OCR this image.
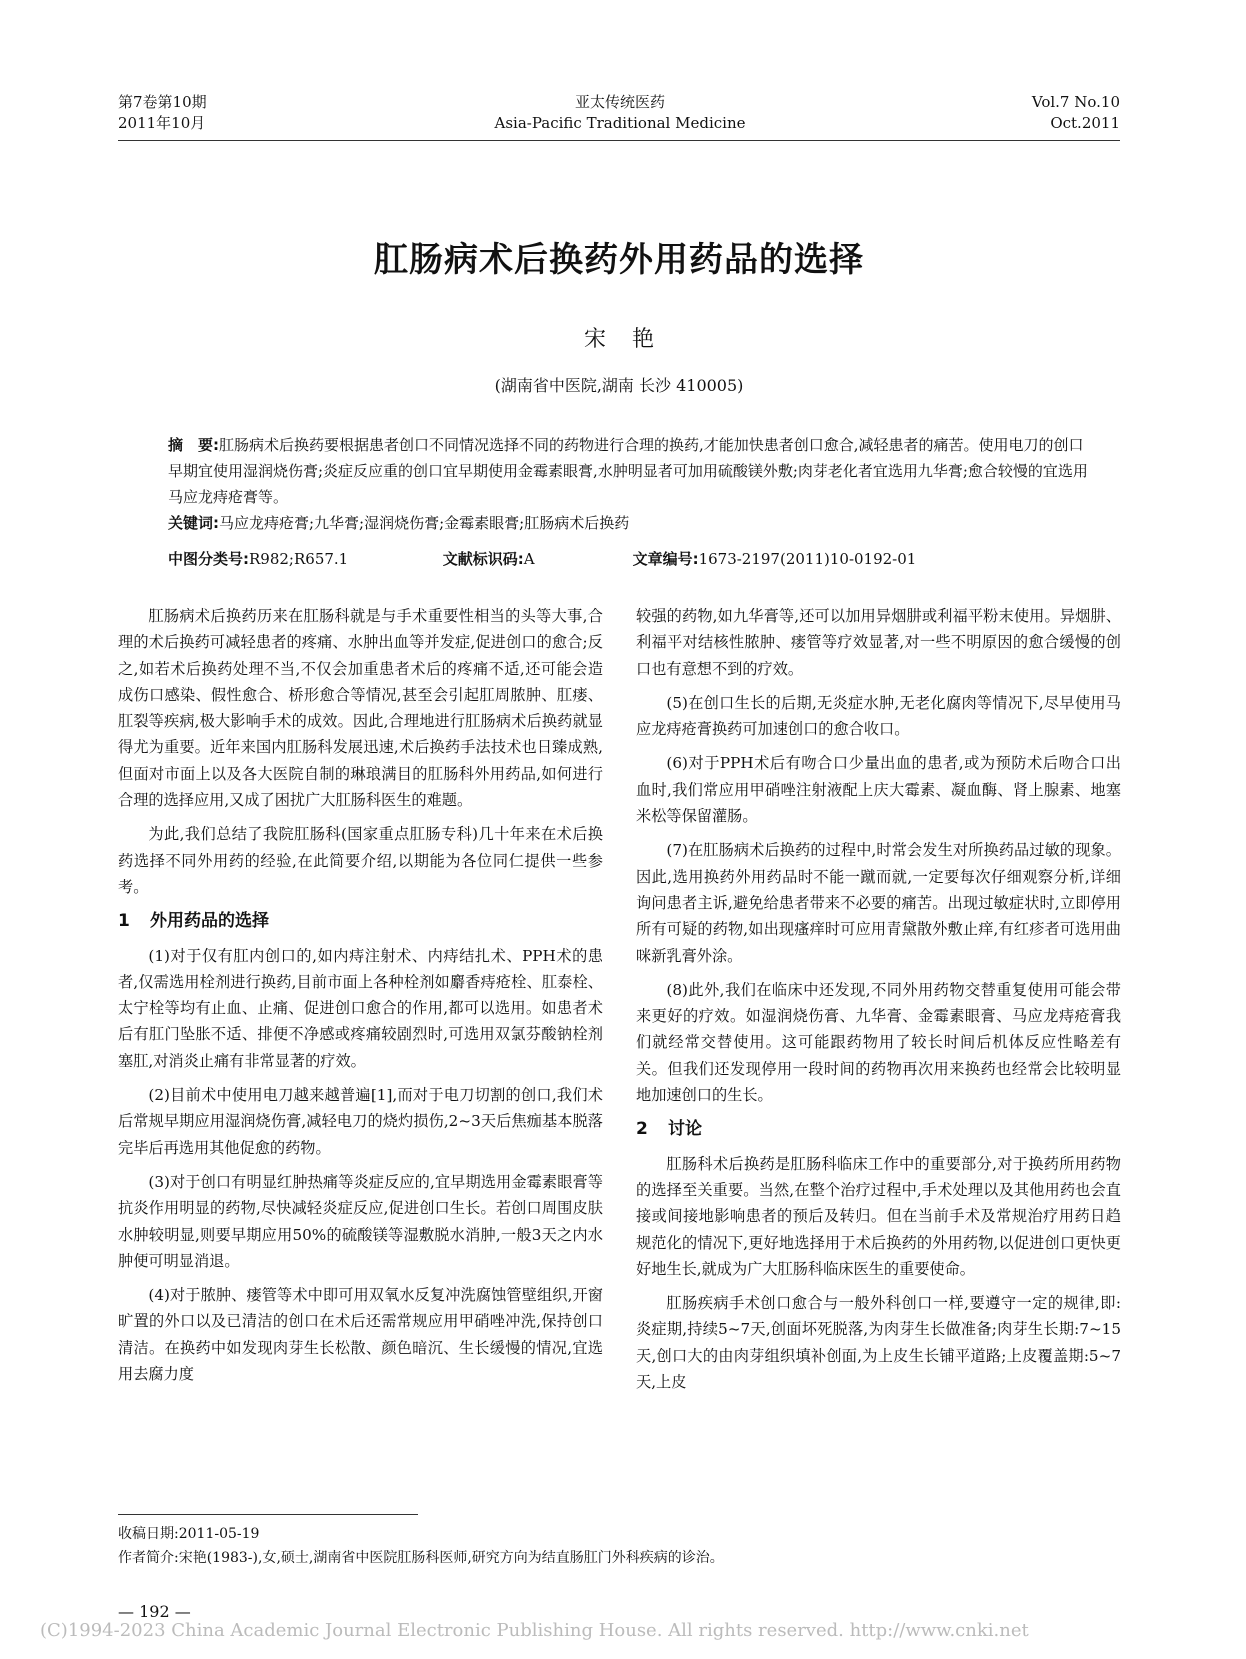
第7卷第10期
2011年10月
亚太传统医药
Asia-Pacific Traditional Medicine
Vol.7 No.10
Oct.2011
肛肠病术后换药外用药品的选择
宋艳
(湖南省中医院,湖南 长沙 410005)
摘　要:肛肠病术后换药要根据患者创口不同情况选择不同的药物进行合理的换药,才能加快患者创口愈合,减轻患者的痛苦。使用电刀的创口早期宜使用湿润烧伤膏;炎症反应重的创口宜早期使用金霉素眼膏,水肿明显者可加用硫酸镁外敷;肉芽老化者宜选用九华膏;愈合较慢的宜选用马应龙痔疮膏等。
关键词:马应龙痔疮膏;九华膏;湿润烧伤膏;金霉素眼膏;肛肠病术后换药
中图分类号:R982;R657.1	文献标识码:A	文章编号:1673-2197(2011)10-0192-01

肛肠病术后换药历来在肛肠科就是与手术重要性相当的头等大事,合理的术后换药可减轻患者的疼痛、水肿出血等并发症,促进创口的愈合;反之,如若术后换药处理不当,不仅会加重患者术后的疼痛不适,还可能会造成伤口感染、假性愈合、桥形愈合等情况,甚至会引起肛周脓肿、肛瘘、肛裂等疾病,极大影响手术的成效。因此,合理地进行肛肠病术后换药就显得尤为重要。近年来国内肛肠科发展迅速,术后换药手法技术也日臻成熟,但面对市面上以及各大医院自制的琳琅满目的肛肠科外用药品,如何进行合理的选择应用,又成了困扰广大肛肠科医生的难题。

为此,我们总结了我院肛肠科(国家重点肛肠专科)几十年来在术后换药选择不同外用药的经验,在此简要介绍,以期能为各位同仁提供一些参考。

1 外用药品的选择

(1)对于仅有肛内创口的,如内痔注射术、内痔结扎术、PPH术的患者,仅需选用栓剂进行换药,目前市面上各种栓剂如麝香痔疮栓、肛泰栓、太宁栓等均有止血、止痛、促进创口愈合的作用,都可以选用。如患者术后有肛门坠胀不适、排便不净感或疼痛较剧烈时,可选用双氯芬酸钠栓剂塞肛,对消炎止痛有非常显著的疗效。

(2)目前术中使用电刀越来越普遍[1],而对于电刀切割的创口,我们术后常规早期应用湿润烧伤膏,减轻电刀的烧灼损伤,2~3天后焦痂基本脱落完毕后再选用其他促愈的药物。

(3)对于创口有明显红肿热痛等炎症反应的,宜早期选用金霉素眼膏等抗炎作用明显的药物,尽快减轻炎症反应,促进创口生长。若创口周围皮肤水肿较明显,则要早期应用50%的硫酸镁等湿敷脱水消肿,一般3天之内水肿便可明显消退。

(4)对于脓肿、瘘管等术中即可用双氧水反复冲洗腐蚀管壁组织,开窗旷置的外口以及已清洁的创口在术后还需常规应用甲硝唑冲洗,保持创口清洁。在换药中如发现肉芽生长松散、颜色暗沉、生长缓慢的情况,宜选用去腐力度

较强的药物,如九华膏等,还可以加用异烟肼或利福平粉末使用。异烟肼、利福平对结核性脓肿、瘘管等疗效显著,对一些不明原因的愈合缓慢的创口也有意想不到的疗效。

(5)在创口生长的后期,无炎症水肿,无老化腐肉等情况下,尽早使用马应龙痔疮膏换药可加速创口的愈合收口。

(6)对于PPH术后有吻合口少量出血的患者,或为预防术后吻合口出血时,我们常应用甲硝唑注射液配上庆大霉素、凝血酶、肾上腺素、地塞米松等保留灌肠。

(7)在肛肠病术后换药的过程中,时常会发生对所换药品过敏的现象。因此,选用换药外用药品时不能一蹴而就,一定要每次仔细观察分析,详细询问患者主诉,避免给患者带来不必要的痛苦。出现过敏症状时,立即停用所有可疑的药物,如出现瘙痒时可应用青黛散外敷止痒,有红疹者可选用曲咪新乳膏外涂。

(8)此外,我们在临床中还发现,不同外用药物交替重复使用可能会带来更好的疗效。如湿润烧伤膏、九华膏、金霉素眼膏、马应龙痔疮膏我们就经常交替使用。这可能跟药物用了较长时间后机体反应性略差有关。但我们还发现停用一段时间的药物再次用来换药也经常会比较明显地加速创口的生长。

2 讨论

肛肠科术后换药是肛肠科临床工作中的重要部分,对于换药所用药物的选择至关重要。当然,在整个治疗过程中,手术处理以及其他用药也会直接或间接地影响患者的预后及转归。但在当前手术及常规治疗用药日趋规范化的情况下,更好地选择用于术后换药的外用药物,以促进创口更快更好地生长,就成为广大肛肠科临床医生的重要使命。

肛肠疾病手术创口愈合与一般外科创口一样,要遵守一定的规律,即:炎症期,持续5~7天,创面坏死脱落,为肉芽生长做准备;肉芽生长期:7~15天,创口大的由肉芽组织填补创面,为上皮生长铺平道路;上皮覆盖期:5~7天,上皮

收稿日期:2011-05-19
作者简介:宋艳(1983-),女,硕士,湖南省中医院肛肠科医师,研究方向为结直肠肛门外科疾病的诊治。
— 192 —
(C)1994-2023 China Academic Journal Electronic Publishing House. All rights reserved. http://www.cnki.net
